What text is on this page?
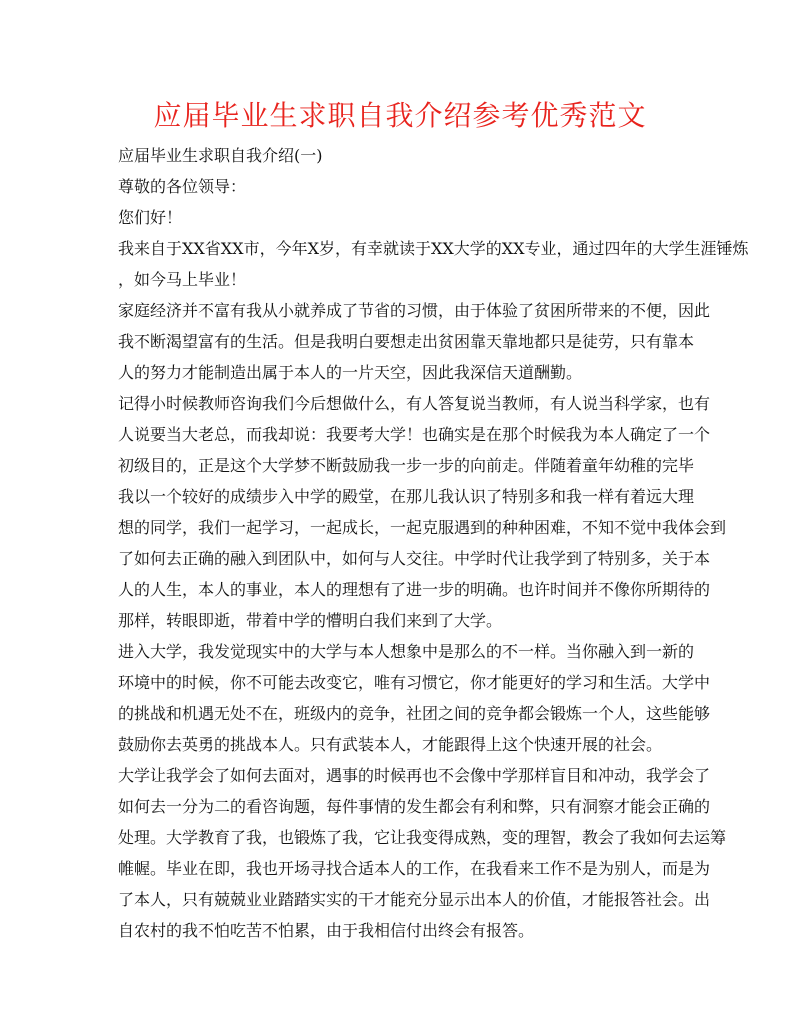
应届毕业生求职自我介绍参考优秀范文
应届毕业生求职自我介绍(一)
尊敬的各位领导：
您们好！
我来自于XX省XX市，今年X岁，有幸就读于XX大学的XX专业，通过四年的大学生涯锤炼
，如今马上毕业！
家庭经济并不富有我从小就养成了节省的习惯，由于体验了贫困所带来的不便，因此
我不断渴望富有的生活。但是我明白要想走出贫困靠天靠地都只是徒劳，只有靠本
人的努力才能制造出属于本人的一片天空，因此我深信天道酬勤。
记得小时候教师咨询我们今后想做什么，有人答复说当教师，有人说当科学家，也有
人说要当大老总，而我却说：我要考大学！也确实是在那个时候我为本人确定了一个
初级目的，正是这个大学梦不断鼓励我一步一步的向前走。伴随着童年幼稚的完毕
我以一个较好的成绩步入中学的殿堂，在那儿我认识了特别多和我一样有着远大理
想的同学，我们一起学习，一起成长，一起克服遇到的种种困难，不知不觉中我体会到
了如何去正确的融入到团队中，如何与人交往。中学时代让我学到了特别多，关于本
人的人生，本人的事业，本人的理想有了进一步的明确。也许时间并不像你所期待的
那样，转眼即逝，带着中学的懵明白我们来到了大学。
进入大学，我发觉现实中的大学与本人想象中是那么的不一样。当你融入到一新的
环境中的时候，你不可能去改变它，唯有习惯它，你才能更好的学习和生活。大学中
的挑战和机遇无处不在，班级内的竞争，社团之间的竞争都会锻炼一个人，这些能够
鼓励你去英勇的挑战本人。只有武装本人，才能跟得上这个快速开展的社会。
大学让我学会了如何去面对，遇事的时候再也不会像中学那样盲目和冲动，我学会了
如何去一分为二的看咨询题，每件事情的发生都会有利和弊，只有洞察才能会正确的
处理。大学教育了我，也锻炼了我，它让我变得成熟，变的理智，教会了我如何去运筹
帷幄。毕业在即，我也开场寻找合适本人的工作，在我看来工作不是为别人，而是为
了本人，只有兢兢业业踏踏实实的干才能充分显示出本人的价值，才能报答社会。出
自农村的我不怕吃苦不怕累，由于我相信付出终会有报答。
